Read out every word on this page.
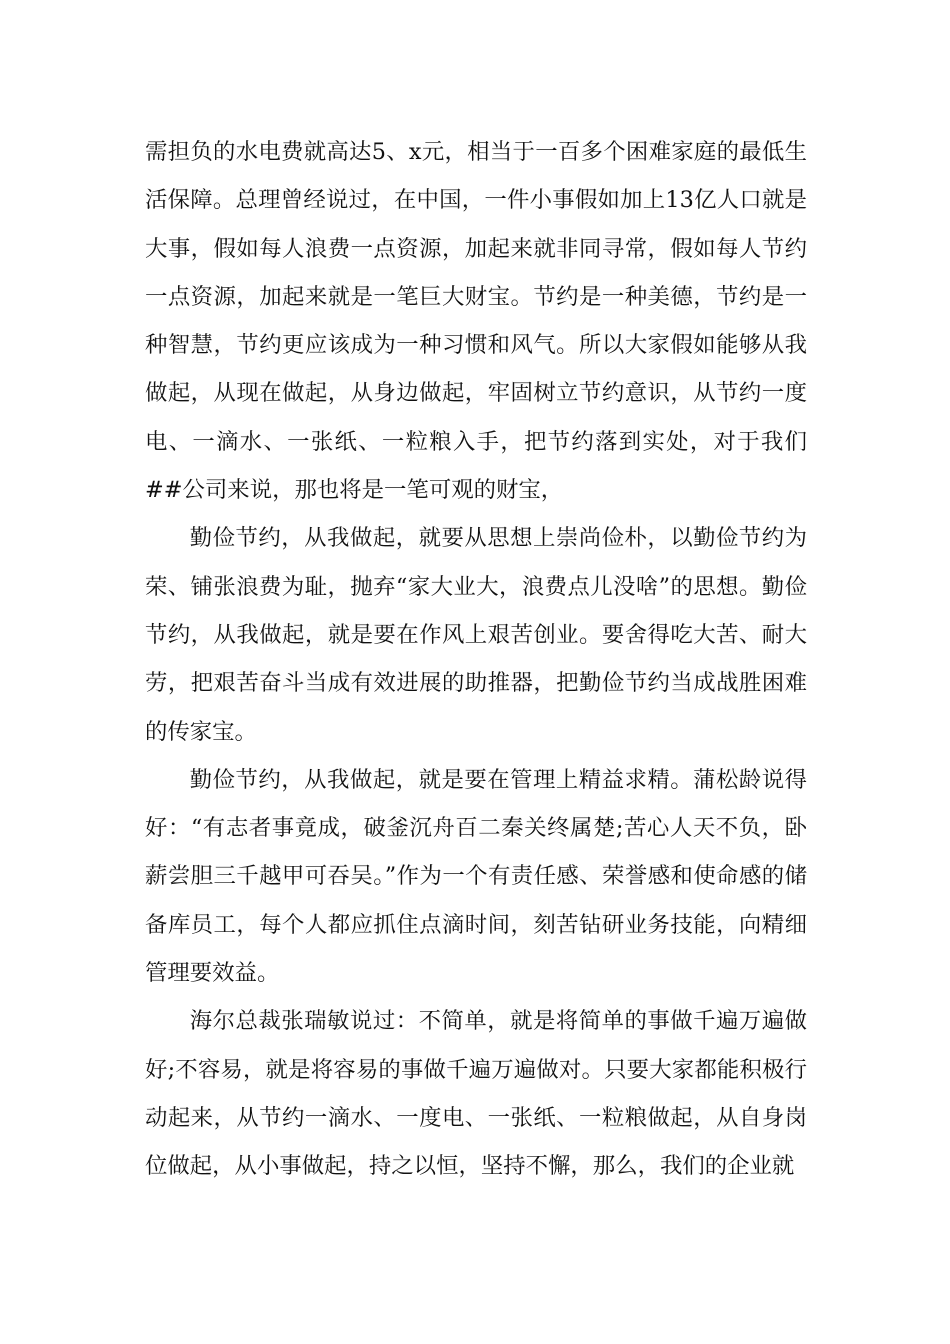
需担负的水电费就高达5、x元，相当于一百多个困难家庭的最低生活保障。总理曾经说过，在中国，一件小事假如加上13亿人口就是大事，假如每人浪费一点资源，加起来就非同寻常，假如每人节约一点资源，加起来就是一笔巨大财宝。节约是一种美德，节约是一种智慧，节约更应该成为一种习惯和风气。所以大家假如能够从我做起，从现在做起，从身边做起，牢固树立节约意识，从节约一度电、一滴水、一张纸、一粒粮入手，把节约落到实处，对于我们##公司来说，那也将是一笔可观的财宝，

勤俭节约，从我做起，就要从思想上崇尚俭朴，以勤俭节约为荣、铺张浪费为耻，抛弃“家大业大，浪费点儿没啥”的思想。勤俭节约，从我做起，就是要在作风上艰苦创业。要舍得吃大苦、耐大劳，把艰苦奋斗当成有效进展的助推器，把勤俭节约当成战胜困难的传家宝。

勤俭节约，从我做起，就是要在管理上精益求精。蒲松龄说得好：“有志者事竟成，破釜沉舟百二秦关终属楚;苦心人天不负，卧薪尝胆三千越甲可吞吴。”作为一个有责任感、荣誉感和使命感的储备库员工，每个人都应抓住点滴时间，刻苦钻研业务技能，向精细管理要效益。

海尔总裁张瑞敏说过：不简单，就是将简单的事做千遍万遍做好;不容易，就是将容易的事做千遍万遍做对。只要大家都能积极行动起来，从节约一滴水、一度电、一张纸、一粒粮做起，从自身岗位做起，从小事做起，持之以恒，坚持不懈，那么，我们的企业就
